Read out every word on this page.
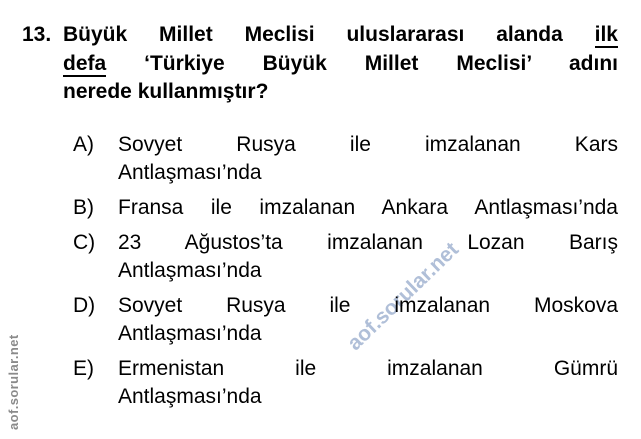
aof.sorular.net
aof.sorular.net
13. Büyük Millet Meclisi uluslararası alanda ilk
defa ‘Türkiye Büyük Millet Meclisi’ adını
nerede kullanmıştır?
A)	Sovyet Rusya ile imzalanan Kars
Antlaşması’nda
B)	Fransa ile imzalanan Ankara Antlaşması’nda
C)	23 Ağustos’ta imzalanan Lozan Barış
Antlaşması’nda
D)	Sovyet Rusya ile imzalanan Moskova
Antlaşması’nda
E)	Ermenistan ile imzalanan Gümrü
Antlaşması’nda
